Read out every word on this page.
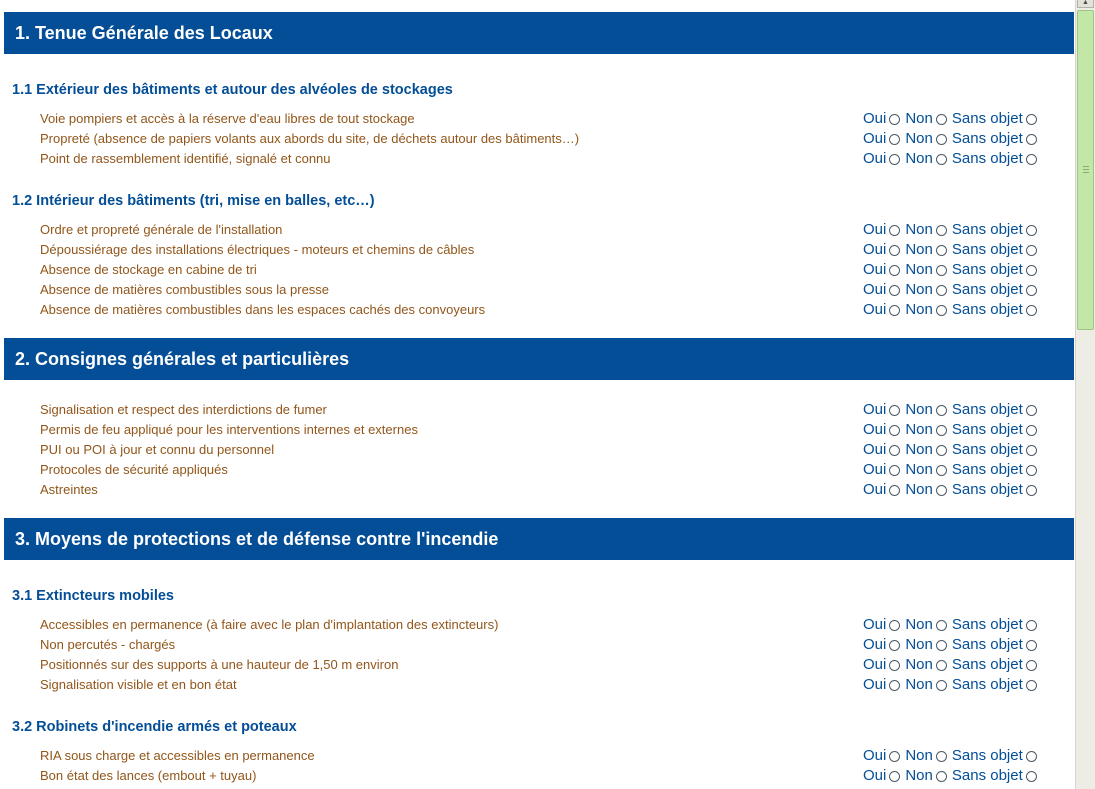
1. Tenue Générale des Locaux
1.1 Extérieur des bâtiments et autour des alvéoles de stockages
Voie pompiers et accès à la réserve d'eau libres de tout stockage	Oui Non Sans objet
Propreté (absence de papiers volants aux abords du site, de déchets autour des bâtiments…)	Oui Non Sans objet
Point de rassemblement identifié, signalé et connu	Oui Non Sans objet
1.2 Intérieur des bâtiments (tri, mise en balles, etc…)
Ordre et propreté générale de l'installation	Oui Non Sans objet
Dépoussiérage des installations électriques - moteurs et chemins de câbles	Oui Non Sans objet
Absence de stockage en cabine de tri	Oui Non Sans objet
Absence de matières combustibles sous la presse	Oui Non Sans objet
Absence de matières combustibles dans les espaces cachés des convoyeurs	Oui Non Sans objet
2. Consignes générales et particulières
Signalisation et respect des interdictions de fumer	Oui Non Sans objet
Permis de feu appliqué pour les interventions internes et externes	Oui Non Sans objet
PUI ou POI à jour et connu du personnel	Oui Non Sans objet
Protocoles de sécurité appliqués	Oui Non Sans objet
Astreintes	Oui Non Sans objet
3. Moyens de protections et de défense contre l'incendie
3.1 Extincteurs mobiles
Accessibles en permanence (à faire avec le plan d'implantation des extincteurs)	Oui Non Sans objet
Non percutés - chargés	Oui Non Sans objet
Positionnés sur des supports à une hauteur de 1,50 m environ	Oui Non Sans objet
Signalisation visible et en bon état	Oui Non Sans objet
3.2 Robinets d'incendie armés et poteaux
RIA sous charge et accessibles en permanence	Oui Non Sans objet
Bon état des lances (embout + tuyau)	Oui Non Sans objet
▲
